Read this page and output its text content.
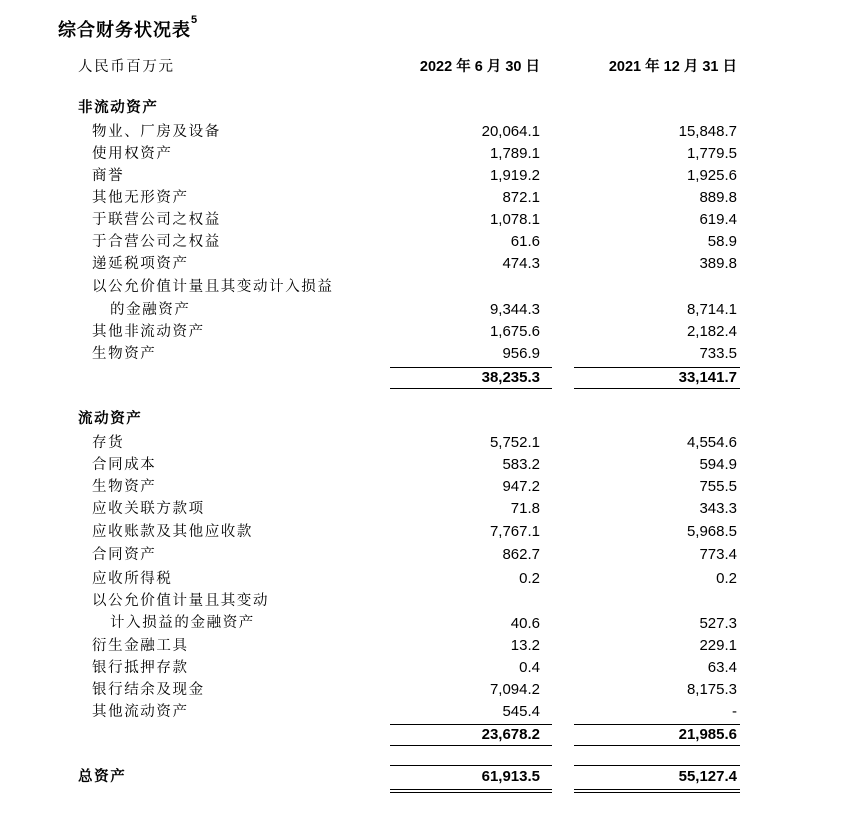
综合财务状况表$^5$
人民币百万元	2022 年 6 月 30 日	2021 年 12 月 31 日
非流动资产
物业、厂房及设备	20,064.1	15,848.7
使用权资产	1,789.1	1,779.5
商誉	1,919.2	1,925.6
其他无形资产	872.1	889.8
于联营公司之权益	1,078.1	619.4
于合营公司之权益	61.6	58.9
递延税项资产	474.3	389.8
以公允价值计量且其变动计入损益
的金融资产	9,344.3	8,714.1
其他非流动资产	1,675.6	2,182.4
生物资产	956.9	733.5
38,235.3	33,141.7
流动资产
存货	5,752.1	4,554.6
合同成本	583.2	594.9
生物资产	947.2	755.5
应收关联方款项	71.8	343.3
应收账款及其他应收款	7,767.1	5,968.5
合同资产	862.7	773.4
应收所得税	0.2	0.2
以公允价值计量且其变动
计入损益的金融资产	40.6	527.3
衍生金融工具	13.2	229.1
银行抵押存款	0.4	63.4
银行结余及现金	7,094.2	8,175.3
其他流动资产	545.4	-
23,678.2	21,985.6
总资产	61,913.5	55,127.4
